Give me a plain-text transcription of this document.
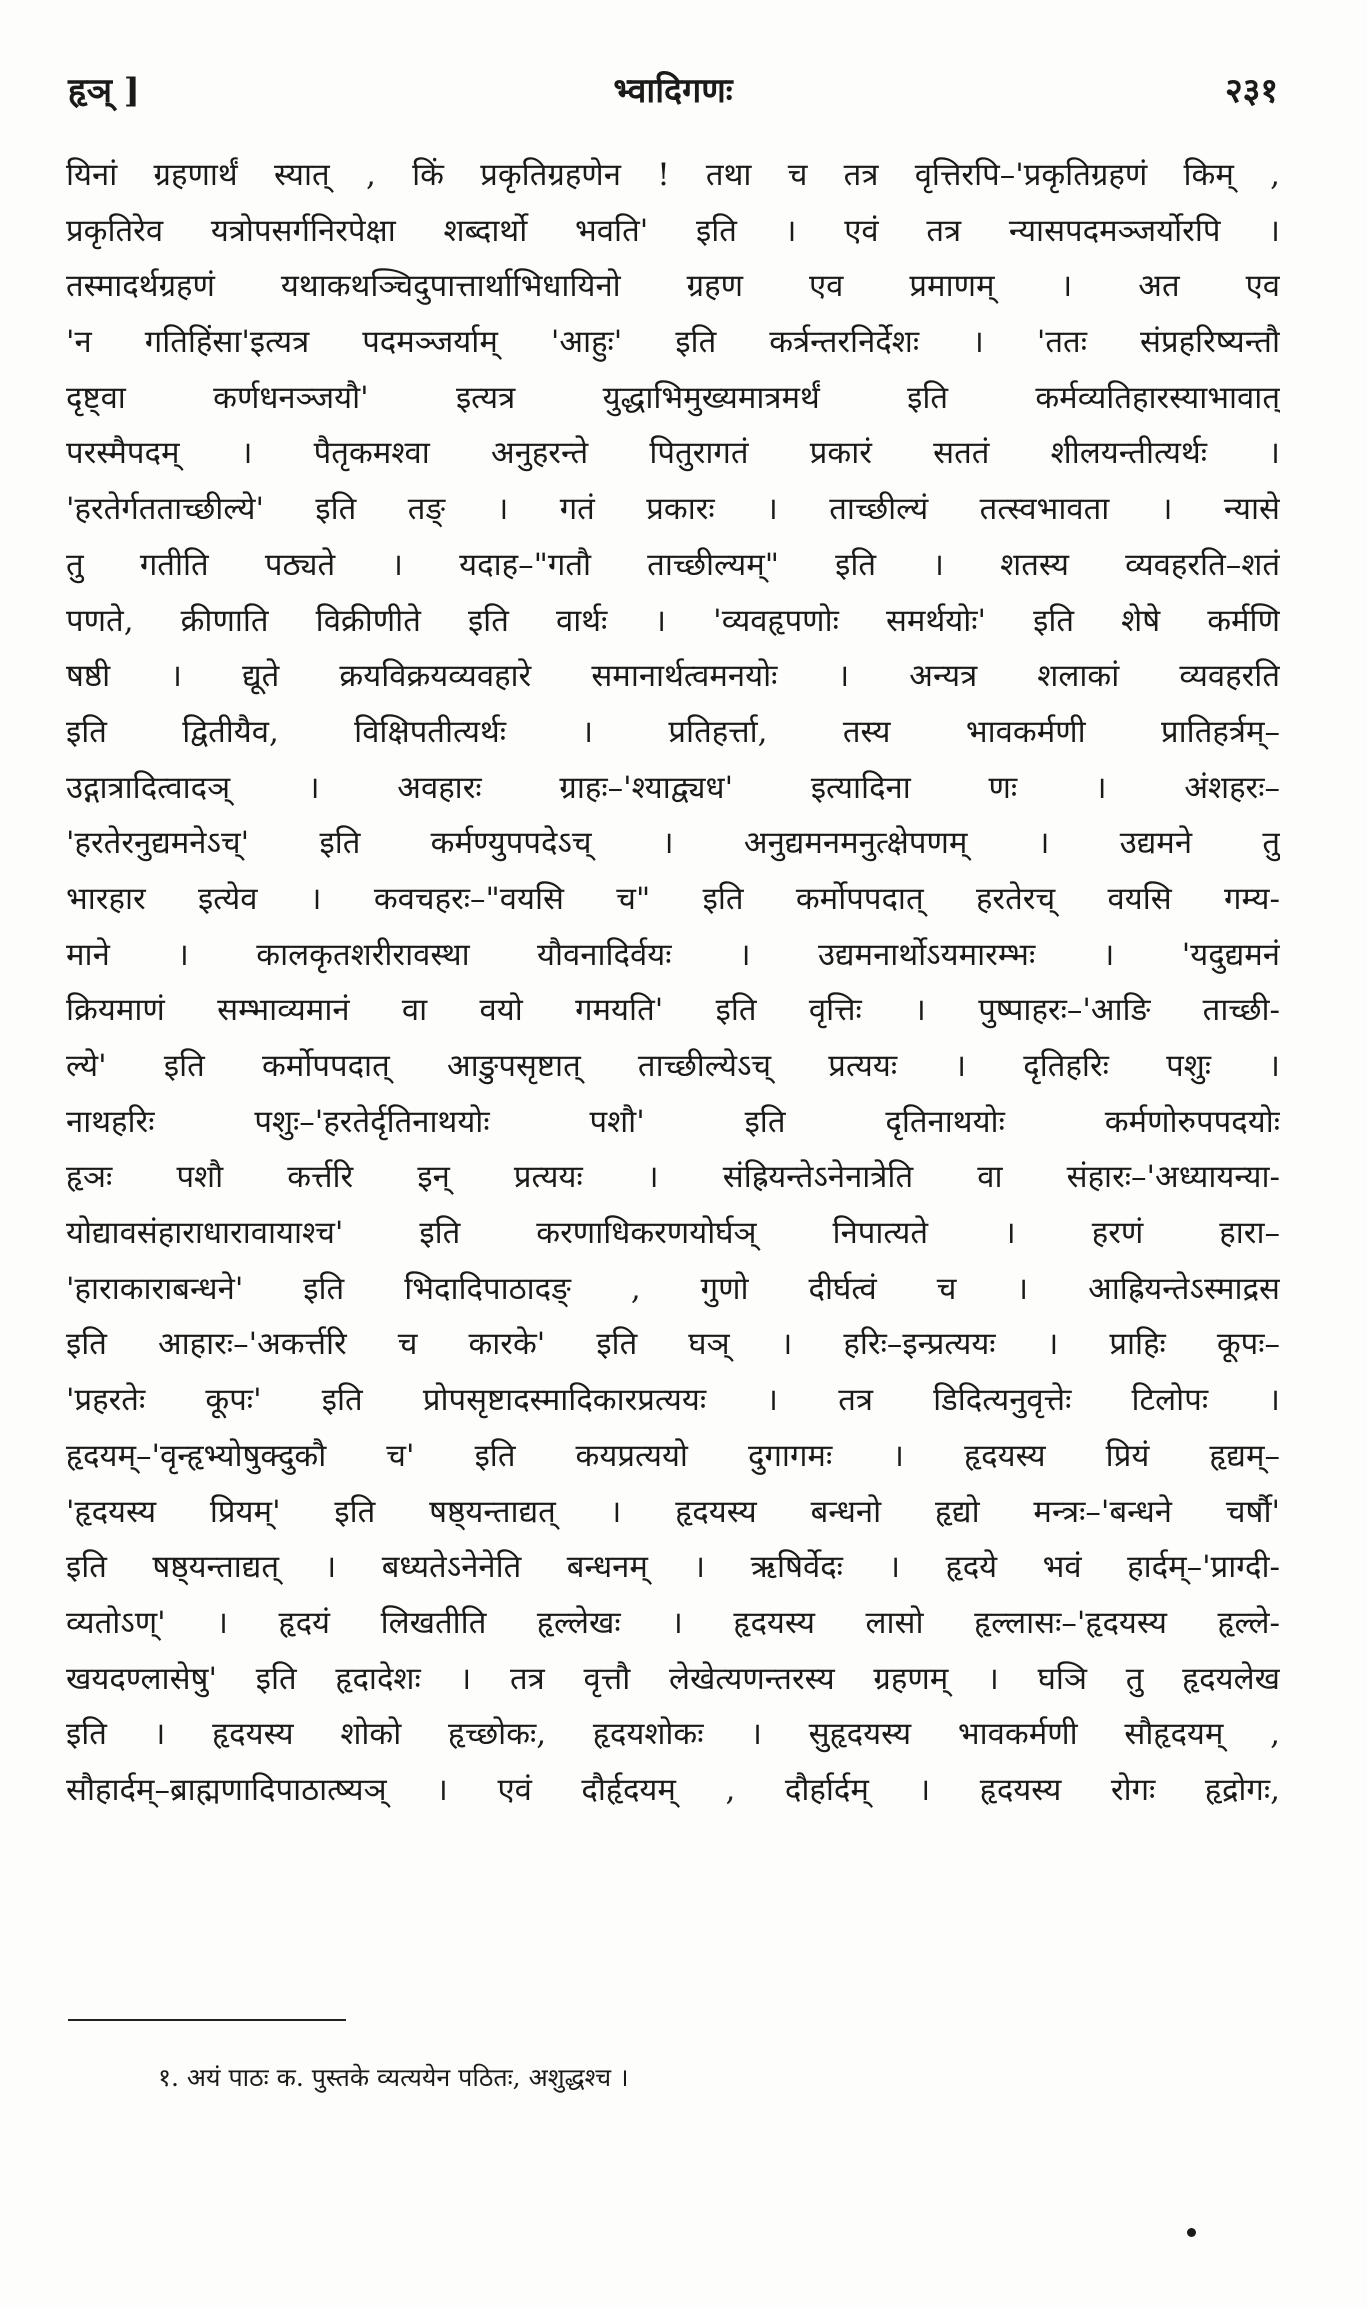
हृञ् ]	भ्वादिगणः	२३१
यिनां ग्रहणार्थं स्यात् , किं प्रकृतिग्रहणेन ! तथा च तत्र वृत्तिरपि–'प्रकृतिग्रहणं किम् ,
प्रकृतिरेव यत्रोपसर्गनिरपेक्षा शब्दार्थो भवति' इति । एवं तत्र न्यासपदमञ्जर्योरपि ।
तस्मादर्थग्रहणं यथाकथञ्चिदुपात्तार्थाभिधायिनो ग्रहण एव प्रमाणम् । अत एव
'न गतिहिंसा'इत्यत्र पदमञ्जर्याम् 'आहुः' इति कर्त्रन्तरनिर्देशः । 'ततः संप्रहरिष्यन्तौ
दृष्ट्वा कर्णधनञ्जयौ' इत्यत्र युद्धाभिमुख्यमात्रमर्थं इति कर्मव्यतिहारस्याभावात्
परस्मैपदम् । पैतृकमश्वा अनुहरन्ते पितुरागतं प्रकारं सततं शीलयन्तीत्यर्थः ।
'हरतेर्गतताच्छील्ये' इति तङ् । गतं प्रकारः । ताच्छील्यं तत्स्वभावता । न्यासे
तु गतीति पठ्यते । यदाह–"गतौ ताच्छील्यम्" इति । शतस्य व्यवहरति–शतं
पणते, क्रीणाति विक्रीणीते इति वार्थः । 'व्यवहृपणोः समर्थयोः' इति शेषे कर्मणि
षष्ठी । द्यूते क्रयविक्रयव्यवहारे समानार्थत्वमनयोः । अन्यत्र शलाकां व्यवहरति
इति द्वितीयैव, विक्षिपतीत्यर्थः । प्रतिहर्त्ता, तस्य भावकर्मणी प्रातिहर्त्रम्–
उद्गात्रादित्वादञ् । अवहारः ग्राहः–'श्याद्व्यध' इत्यादिना णः । अंशहरः–
'हरतेरनुद्यमनेऽच्' इति कर्मण्युपपदेऽच् । अनुद्यमनमनुत्क्षेपणम् । उद्यमने तु
भारहार इत्येव । कवचहरः–"वयसि च" इति कर्मोपपदात् हरतेरच् वयसि गम्य-
माने । कालकृतशरीरावस्था यौवनादिर्वयः । उद्यमनार्थोऽयमारम्भः । 'यदुद्यमनं
क्रियमाणं सम्भाव्यमानं वा वयो गमयति' इति वृत्तिः । पुष्पाहरः–'आङि ताच्छी-
ल्ये' इति कर्मोपपदात् आङुपसृष्टात् ताच्छील्येऽच् प्रत्ययः । दृतिहरिः पशुः ।
नाथहरिः पशुः–'हरतेर्दृतिनाथयोः पशौ' इति दृतिनाथयोः कर्मणोरुपपदयोः
हृञः पशौ कर्त्तरि इन् प्रत्ययः । संह्रियन्तेऽनेनात्रेति वा संहारः–'अध्यायन्या-
योद्यावसंहाराधारावायाश्च' इति करणाधिकरणयोर्घञ् निपात्यते । हरणं हारा–
'हाराकाराबन्धने' इति भिदादिपाठादङ् , गुणो दीर्घत्वं च । आह्रियन्तेऽस्माद्रस
इति आहारः–'अकर्त्तरि च कारके' इति घञ् । हरिः–इन्प्रत्ययः । प्राहिः कूपः–
'प्रहरतेः कूपः' इति प्रोपसृष्टादस्मादिकारप्रत्ययः । तत्र डिदित्यनुवृत्तेः टिलोपः ।
हृदयम्–'वृन्हृभ्योषुक्दुकौ च' इति कयप्रत्ययो दुगागमः । हृदयस्य प्रियं हृद्यम्–
'हृदयस्य प्रियम्' इति षष्ठ्यन्ताद्यत् । हृदयस्य बन्धनो हृद्यो मन्त्रः–'बन्धने चर्षौ'
इति षष्ठ्यन्ताद्यत् । बध्यतेऽनेनेति बन्धनम् । ऋषिर्वेदः । हृदये भवं हार्दम्–'प्राग्दी-
व्यतोऽण्' । हृदयं लिखतीति हृल्लेखः । हृदयस्य लासो हृल्लासः–'हृदयस्य हृल्ले-
खयदण्लासेषु' इति हृदादेशः । तत्र वृत्तौ लेखेत्यणन्तरस्य ग्रहणम् । घञि तु हृदयलेख
इति । हृदयस्य शोको हृच्छोकः, हृदयशोकः । सुहृदयस्य भावकर्मणी सौहृदयम् ,
सौहार्दम्–ब्राह्मणादिपाठात्ष्यञ् । एवं दौर्हृदयम् , दौर्हार्दम् । हृदयस्य रोगः हृद्रोगः,
१. अयं पाठः क. पुस्तके व्यत्ययेन पठितः, अशुद्धश्च ।
